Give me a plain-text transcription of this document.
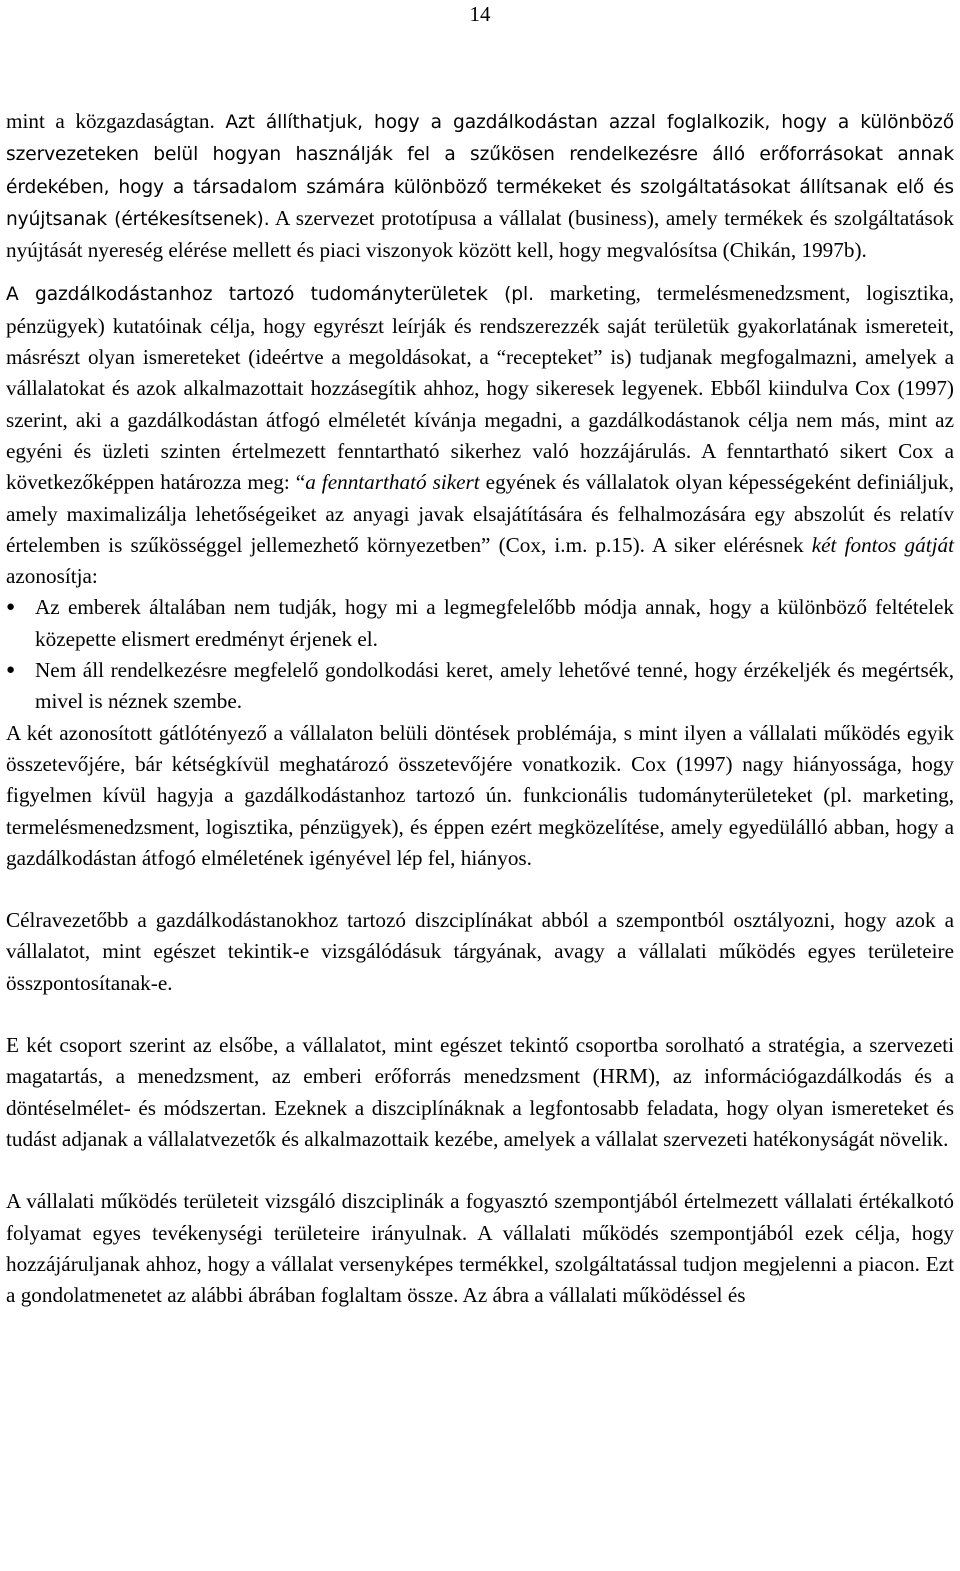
14

mint a közgazdaságtan. Azt állíthatjuk, hogy a gazdálkodástan azzal foglalkozik, hogy a különböző szervezeteken belül hogyan használják fel a szűkösen rendelkezésre álló erőforrásokat annak érdekében, hogy a társadalom számára különböző termékeket és szolgáltatásokat állítsanak elő és nyújtsanak (értékesítsenek). A szervezet prototípusa a vállalat (business), amely termékek és szolgáltatások nyújtását nyereség elérése mellett és piaci viszonyok között kell, hogy megvalósítsa (Chikán, 1997b).

A gazdálkodástanhoz tartozó tudományterületek (pl. marketing, termelésmenedzsment, logisztika, pénzügyek) kutatóinak célja, hogy egyrészt leírják és rendszerezzék saját területük gyakorlatának ismereteit, másrészt olyan ismereteket (ideértve a megoldásokat, a “recepteket” is) tudjanak megfogalmazni, amelyek a vállalatokat és azok alkalmazottait hozzásegítik ahhoz, hogy sikeresek legyenek. Ebből kiindulva Cox (1997) szerint, aki a gazdálkodástan átfogó elméletét kívánja megadni, a gazdálkodástanok célja nem más, mint az egyéni és üzleti szinten értelmezett fenntartható sikerhez való hozzájárulás. A fenntartható sikert Cox a következőképpen határozza meg: “a fenntartható sikert egyének és vállalatok olyan képességeként definiáljuk, amely maximalizálja lehetőségeiket az anyagi javak elsajátítására és felhalmozására egy abszolút és relatív értelemben is szűkösséggel jellemezhető környezetben” (Cox, i.m. p.15). A siker elérésnek két fontos gátját azonosítja:

● Az emberek általában nem tudják, hogy mi a legmegfelelőbb módja annak, hogy a különböző feltételek közepette elismert eredményt érjenek el.
● Nem áll rendelkezésre megfelelő gondolkodási keret, amely lehetővé tenné, hogy érzékeljék és megértsék, mivel is néznek szembe.

A két azonosított gátlótényező a vállalaton belüli döntések problémája, s mint ilyen a vállalati működés egyik összetevőjére, bár kétségkívül meghatározó összetevőjére vonatkozik. Cox (1997) nagy hiányossága, hogy figyelmen kívül hagyja a gazdálkodástanhoz tartozó ún. funkcionális tudományterületeket (pl. marketing, termelésmenedzsment, logisztika, pénzügyek), és éppen ezért megközelítése, amely egyedülálló abban, hogy a gazdálkodástan átfogó elméletének igényével lép fel, hiányos.

Célravezetőbb a gazdálkodástanokhoz tartozó diszciplínákat abból a szempontból osztályozni, hogy azok a vállalatot, mint egészet tekintik-e vizsgálódásuk tárgyának, avagy a vállalati működés egyes területeire összpontosítanak-e.

E két csoport szerint az elsőbe, a vállalatot, mint egészet tekintő csoportba sorolható a stratégia, a szervezeti magatartás, a menedzsment, az emberi erőforrás menedzsment (HRM), az információgazdálkodás és a döntéselmélet- és módszertan. Ezeknek a diszciplínáknak a legfontosabb feladata, hogy olyan ismereteket és tudást adjanak a vállalatvezetők és alkalmazottaik kezébe, amelyek a vállalat szervezeti hatékonyságát növelik.

A vállalati működés területeit vizsgáló diszciplinák a fogyasztó szempontjából értelmezett vállalati értékalkotó folyamat egyes tevékenységi területeire irányulnak. A vállalati működés szempontjából ezek célja, hogy hozzájáruljanak ahhoz, hogy a vállalat versenyképes termékkel, szolgáltatással tudjon megjelenni a piacon. Ezt a gondolatmenetet az alábbi ábrában foglaltam össze. Az ábra a vállalati működéssel és
